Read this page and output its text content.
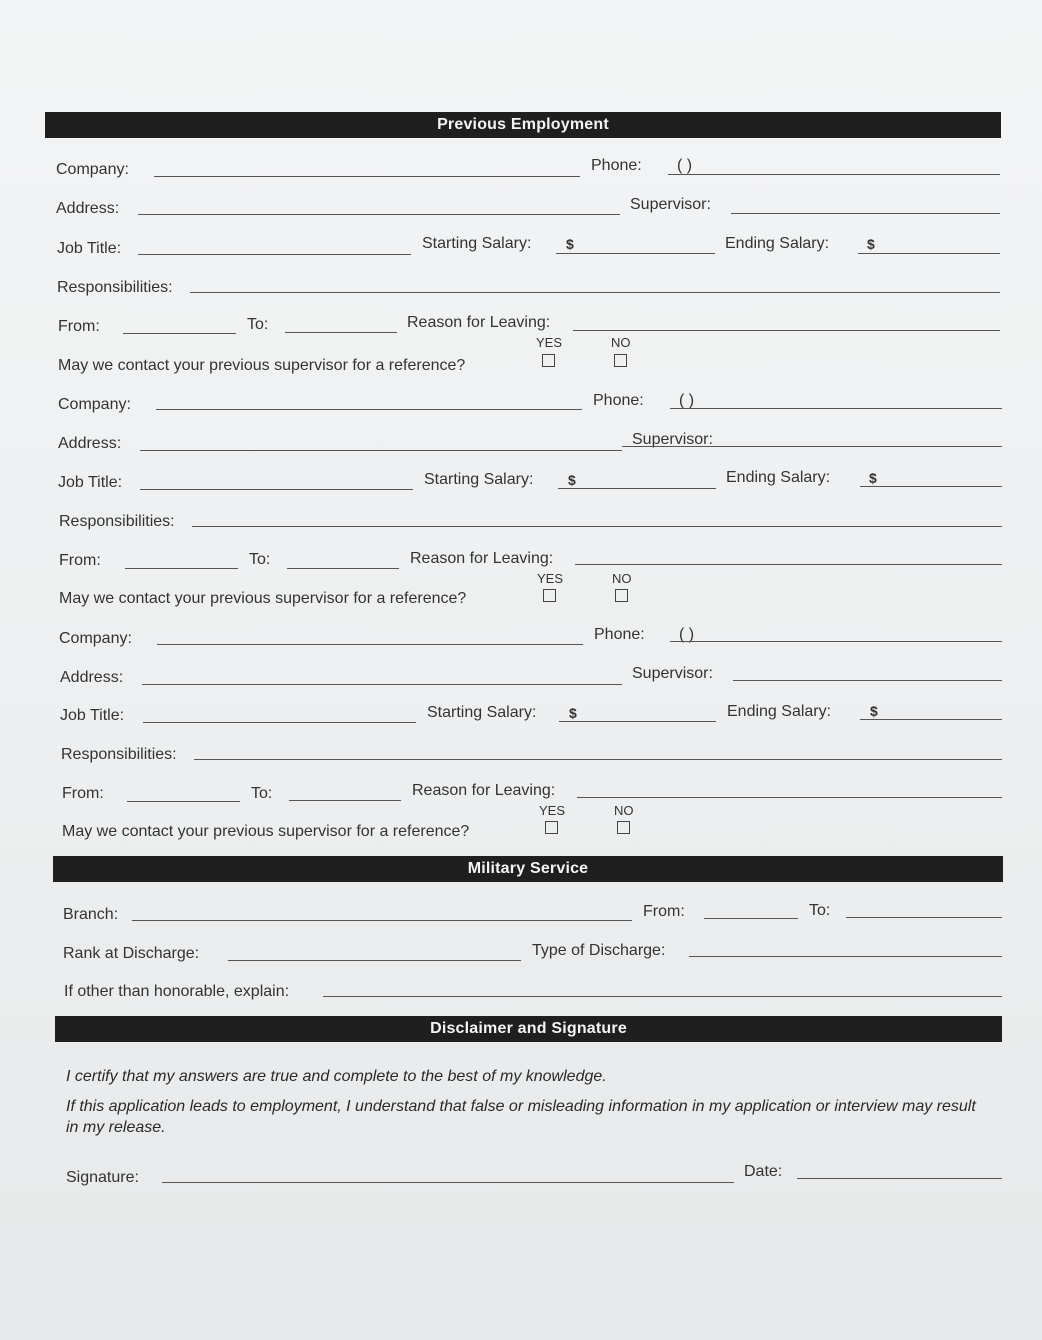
Previous Employment
Company:	Phone: ( )
Address:	Supervisor:
Job Title:	Starting Salary: $	Ending Salary:	$
Responsibilities:
From:	To:	Reason for Leaving:
YES	NO
May we contact your previous supervisor for a reference?
Company:	Phone: ( )
Address:	Supervisor:
Job Title:	Starting Salary: $	Ending Salary:	$
Responsibilities:
From:	To:	Reason for Leaving:
YES	NO
May we contact your previous supervisor for a reference?
Company:	Phone: ( )
Address:	Supervisor:
Job Title:	Starting Salary: $	Ending Salary:	$
Responsibilities:
From:	To:	Reason for Leaving:
YES	NO
May we contact your previous supervisor for a reference?
Military Service
Branch:	From:	To:
Rank at Discharge:	Type of Discharge:
If other than honorable, explain:
Disclaimer and Signature
I certify that my answers are true and complete to the best of my knowledge.
If this application leads to employment, I understand that false or misleading information in my application or interview may result in my release.
Signature:	Date:
